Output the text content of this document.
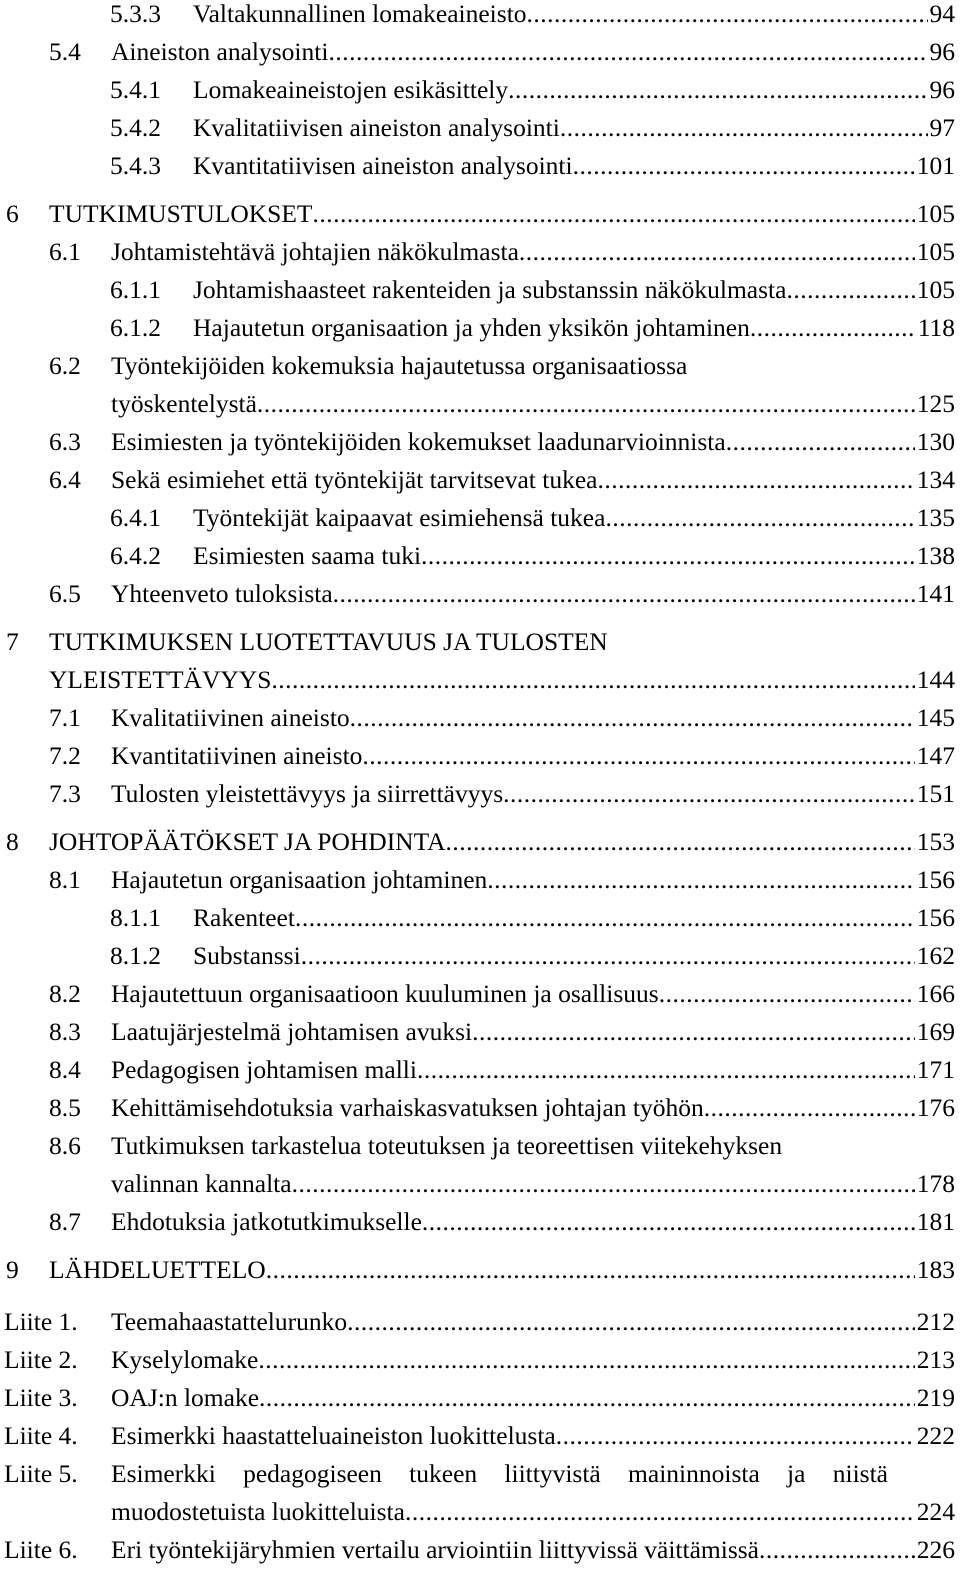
5.3.3 Valtakunnallinen lomakeaineisto .....	94
5.4 Aineiston analysointi .....	96
5.4.1 Lomakeaineistojen esikäsittely .....	96
5.4.2 Kvalitatiivisen aineiston analysointi .....	97
5.4.3 Kvantitatiivisen aineiston analysointi .....	101
6 TUTKIMUSTULOKSET .....	105
6.1 Johtamistehtävä johtajien näkökulmasta .....	105
6.1.1 Johtamishaasteet rakenteiden ja substanssin näkökulmasta .....	105
6.1.2 Hajautetun organisaation ja yhden yksikön johtaminen .....	118
6.2 Työntekijöiden kokemuksia hajautetussa organisaatiossa
työskentelystä .....	125
6.3 Esimiesten ja työntekijöiden kokemukset laadunarvioinnista .....	130
6.4 Sekä esimiehet että työntekijät tarvitsevat tukea .....	134
6.4.1 Työntekijät kaipaavat esimiehensä tukea .....	135
6.4.2 Esimiesten saama tuki .....	138
6.5 Yhteenveto tuloksista .....	141
7 TUTKIMUKSEN LUOTETTAVUUS JA TULOSTEN
YLEISTETTÄVYYS .....	144
7.1 Kvalitatiivinen aineisto .....	145
7.2 Kvantitatiivinen aineisto .....	147
7.3 Tulosten yleistettävyys ja siirrettävyys .....	151
8 JOHTOPÄÄTÖKSET JA POHDINTA .....	153
8.1 Hajautetun organisaation johtaminen .....	156
8.1.1 Rakenteet .....	156
8.1.2 Substanssi .....	162
8.2 Hajautettuun organisaatioon kuuluminen ja osallisuus .....	166
8.3 Laatujärjestelmä johtamisen avuksi .....	169
8.4 Pedagogisen johtamisen malli .....	171
8.5 Kehittämisehdotuksia varhaiskasvatuksen johtajan työhön .....	176
8.6 Tutkimuksen tarkastelua toteutuksen ja teoreettisen viitekehyksen
valinnan kannalta .....	178
8.7 Ehdotuksia jatkotutkimukselle .....	181
9 LÄHDELUETTELO .....	183
Liite 1. Teemahaastattelurunko .....	212
Liite 2. Kyselylomake .....	213
Liite 3. OAJ:n lomake .....	219
Liite 4. Esimerkki haastatteluaineiston luokittelusta .....	222
Liite 5. Esimerkki pedagogiseen tukeen liittyvistä maininnoista ja niistä
muodostetuista luokitteluista .....	224
Liite 6. Eri työntekijäryhmien vertailu arviointiin liittyvissä väittämissä .....	226
